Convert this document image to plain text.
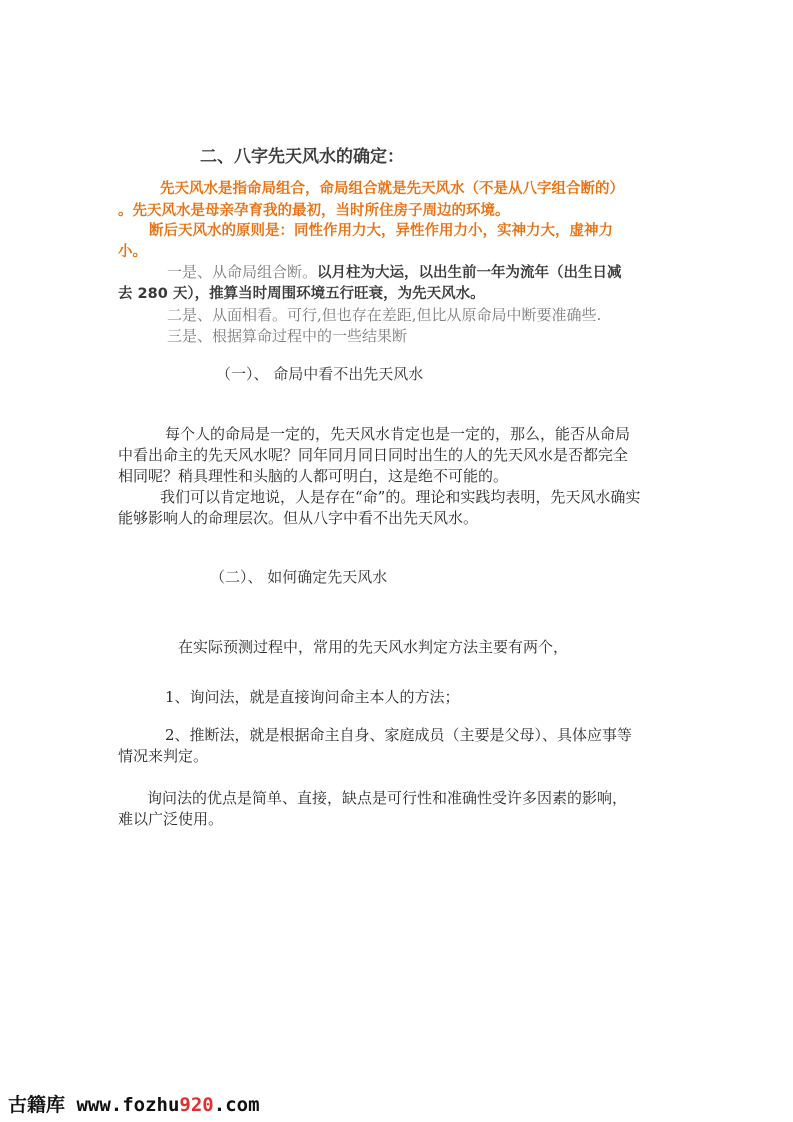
二、八字先天风水的确定：
先天风水是指命局组合，命局组合就是先天风水（不是从八字组合断的）
。先天风水是母亲孕育我的最初，当时所住房子周边的环境。
断后天风水的原则是：同性作用力大，异性作用力小，实神力大，虚神力
小。
一是、从命局组合断。以月柱为大运，以出生前一年为流年（出生日减
去 280 天），推算当时周围环境五行旺衰，为先天风水。
二是、从面相看。可行,但也存在差距,但比从原命局中断要准确些.
三是、根据算命过程中的一些结果断
（一）、 命局中看不出先天风水
每个人的命局是一定的，先天风水肯定也是一定的，那么，能否从命局
中看出命主的先天风水呢？同年同月同日同时出生的人的先天风水是否都完全
相同呢？稍具理性和头脑的人都可明白，这是绝不可能的。
我们可以肯定地说，人是存在“命”的。理论和实践均表明，先天风水确实
能够影响人的命理层次。但从八字中看不出先天风水。
（二）、 如何确定先天风水
在实际预测过程中，常用的先天风水判定方法主要有两个，
1、询问法，就是直接询问命主本人的方法；
2、推断法，就是根据命主自身、家庭成员（主要是父母）、具体应事等
情况来判定。
询问法的优点是简单、直接，缺点是可行性和准确性受许多因素的影响，
难以广泛使用。
古籍库 www.fozhu920.com
